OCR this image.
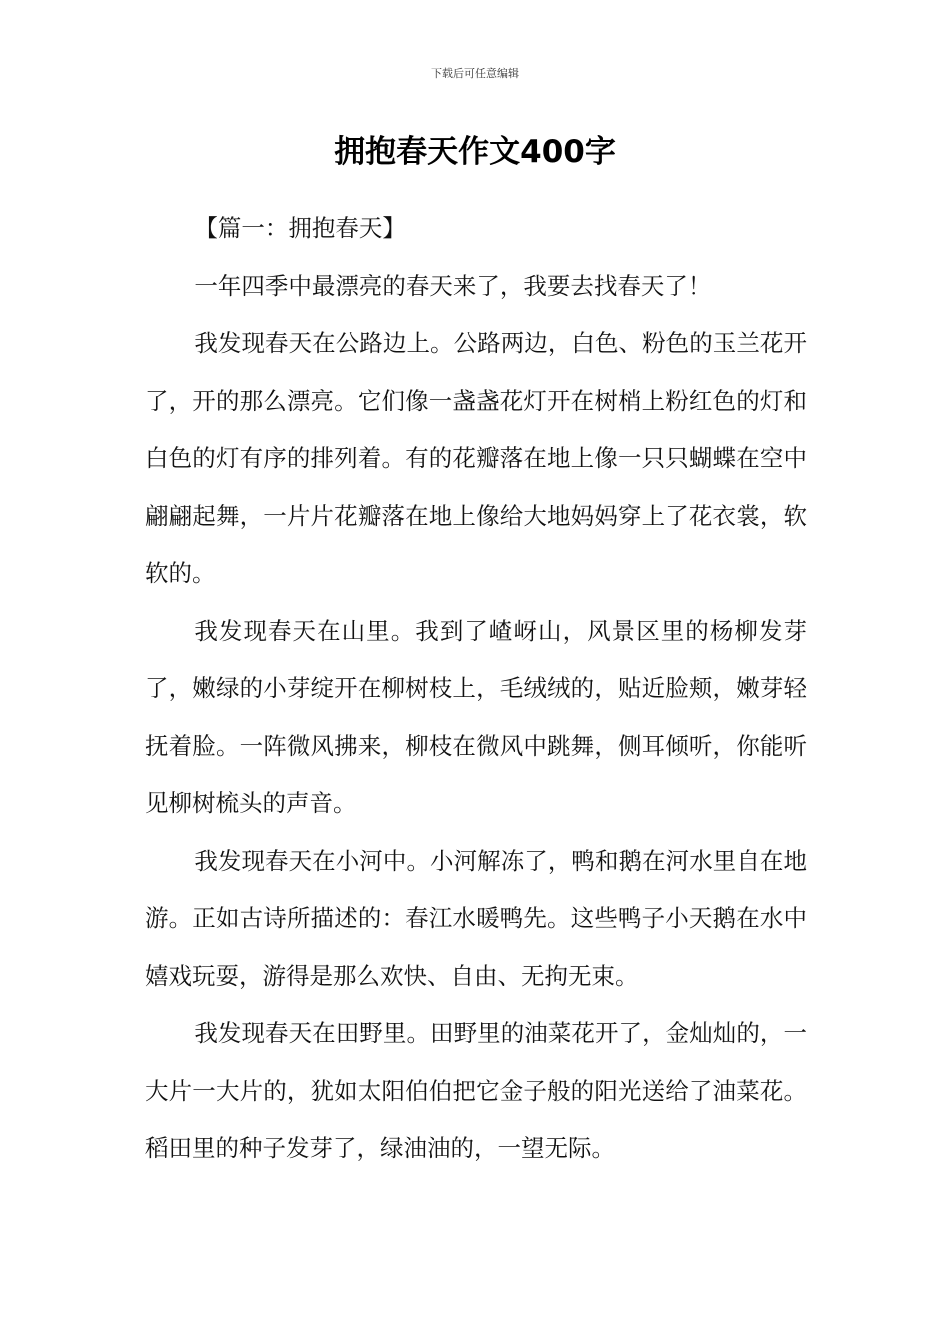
下载后可任意编辑
拥抱春天作文400字

【篇一：拥抱春天】

一年四季中最漂亮的春天来了，我要去找春天了！

我发现春天在公路边上。公路两边，白色、粉色的玉兰花开了，开的那么漂亮。它们像一盏盏花灯开在树梢上粉红色的灯和白色的灯有序的排列着。有的花瓣落在地上像一只只蝴蝶在空中翩翩起舞，一片片花瓣落在地上像给大地妈妈穿上了花衣裳，软软的。

我发现春天在山里。我到了嵖岈山，风景区里的杨柳发芽了，嫩绿的小芽绽开在柳树枝上，毛绒绒的，贴近脸颊，嫩芽轻抚着脸。一阵微风拂来，柳枝在微风中跳舞，侧耳倾听，你能听见柳树梳头的声音。

我发现春天在小河中。小河解冻了，鸭和鹅在河水里自在地游。正如古诗所描述的：春江水暖鸭先。这些鸭子小天鹅在水中嬉戏玩耍，游得是那么欢快、自由、无拘无束。

我发现春天在田野里。田野里的油菜花开了，金灿灿的，一大片一大片的，犹如太阳伯伯把它金子般的阳光送给了油菜花。稻田里的种子发芽了，绿油油的，一望无际。
